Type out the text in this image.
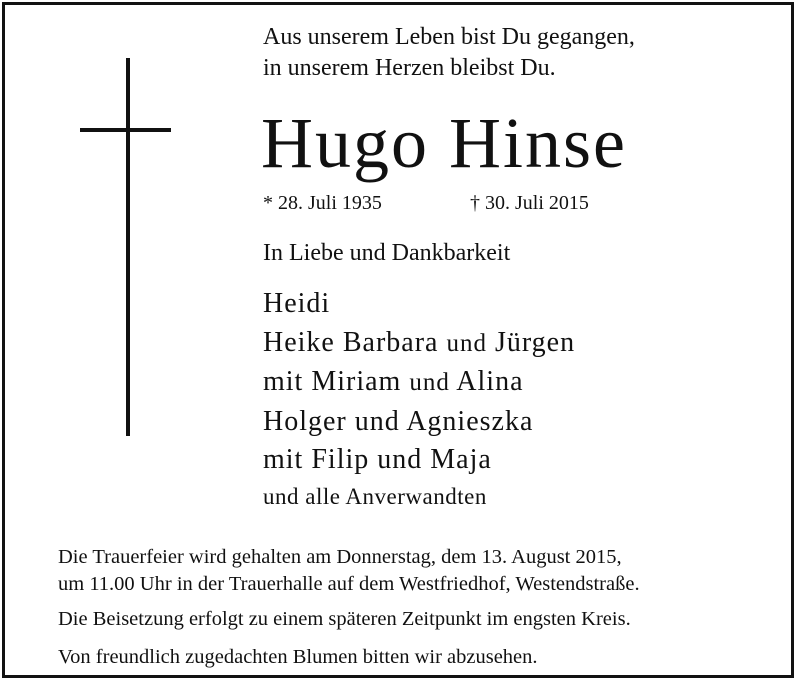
Aus unserem Leben bist Du gegangen,
in unserem Herzen bleibst Du.
Hugo Hinse
* 28. Juli 1935	† 30. Juli 2015
In Liebe und Dankbarkeit
Heidi
Heike Barbara und Jürgen
mit Miriam und Alina
Holger und Agnieszka
mit Filip und Maja
und alle Anverwandten
Die Trauerfeier wird gehalten am Donnerstag, dem 13. August 2015,
um 11.00 Uhr in der Trauerhalle auf dem Westfriedhof, Westendstraße.
Die Beisetzung erfolgt zu einem späteren Zeitpunkt im engsten Kreis.
Von freundlich zugedachten Blumen bitten wir abzusehen.
